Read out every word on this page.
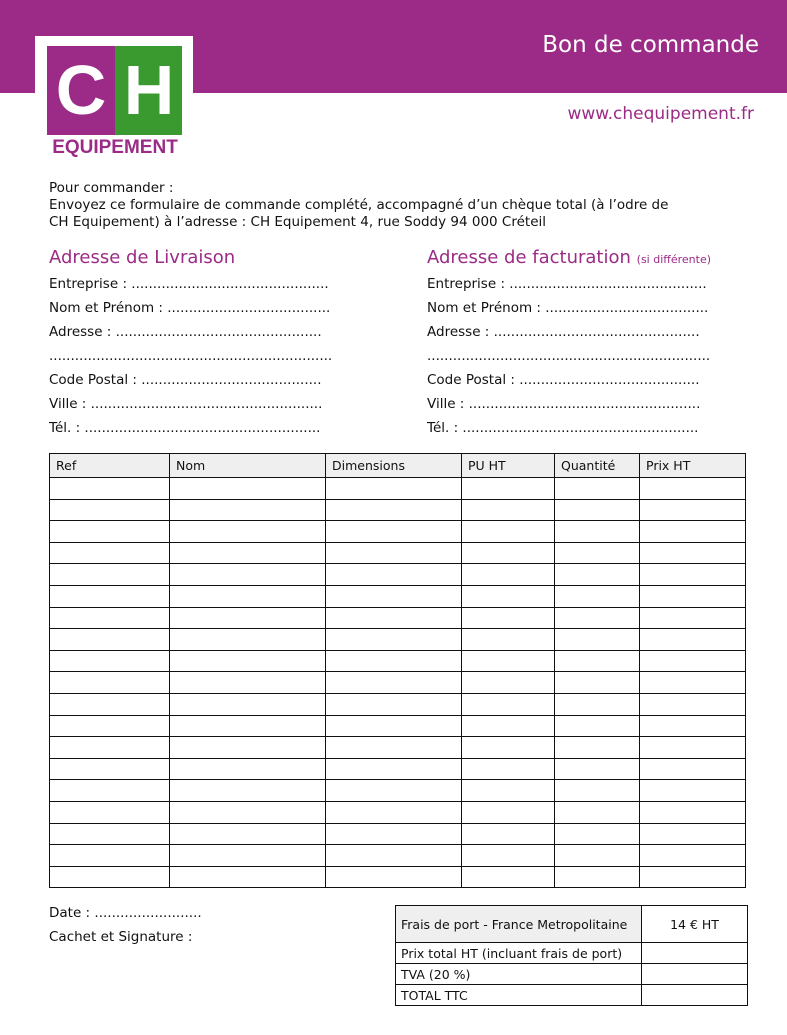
C H
EQUIPEMENT
Bon de commande
www.chequipement.fr
Pour commander :
Envoyez ce formulaire de commande complété, accompagné d’un chèque total (à l’odre de
CH Equipement) à l’adresse : CH Equipement 4, rue Soddy 94 000 Créteil
Adresse de Livraison	Adresse de facturation (si différente)
Entreprise : ..............................................
Nom et Prénom : ......................................
Adresse : ................................................
..................................................................
Code Postal : ..........................................
Ville : ......................................................
Tél. : .......................................................
Entreprise : ..............................................
Nom et Prénom : ......................................
Adresse : ................................................
..................................................................
Code Postal : ..........................................
Ville : ......................................................
Tél. : .......................................................
Ref	Nom	Dimensions	PU HT	Quantité	Prix HT

Date : .........................
Cachet et Signature :
Frais de port - France Metropolitaine	14 € HT
Prix total HT (incluant frais de port)	
TVA (20 %)	
TOTAL TTC	
